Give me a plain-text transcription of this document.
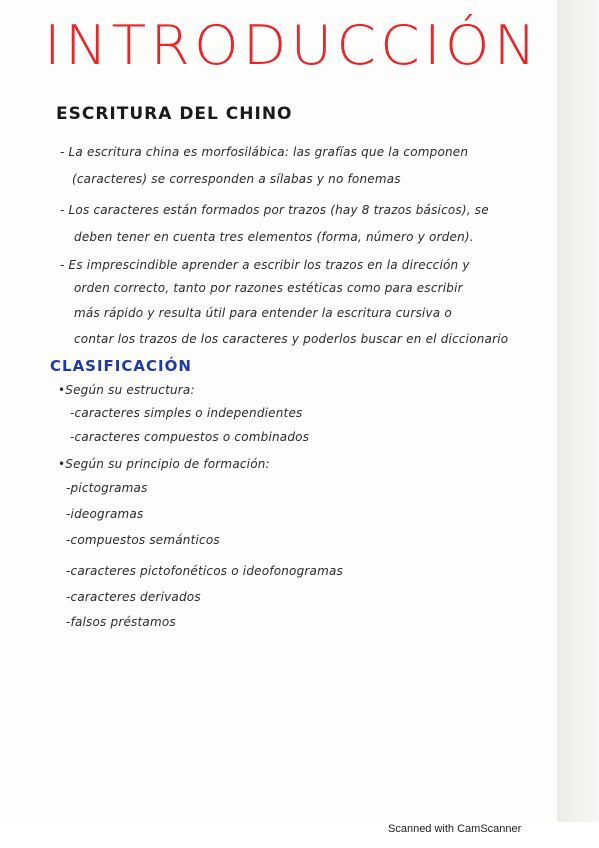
INTRODUCCIÓN
ESCRITURA DEL CHINO
- La escritura china es morfosilábica: las grafías que la componen
(caracteres) se corresponden a sílabas y no fonemas
- Los caracteres están formados por trazos (hay 8 trazos básicos), se
deben tener en cuenta tres elementos (forma, número y orden).
- Es imprescindible aprender a escribir los trazos en la dirección y
orden correcto, tanto por razones estéticas como para escribir
más rápido y resulta útil para entender la escritura cursiva o
contar los trazos de los caracteres y poderlos buscar en el diccionario
CLASIFICACIÓN
•Según su estructura:
-caracteres simples o independientes
-caracteres compuestos o combinados
•Según su principio de formación:
-pictogramas
-ideogramas
-compuestos semánticos
-caracteres pictofonéticos o ideofonogramas
-caracteres derivados
-falsos préstamos
Scanned with CamScanner
